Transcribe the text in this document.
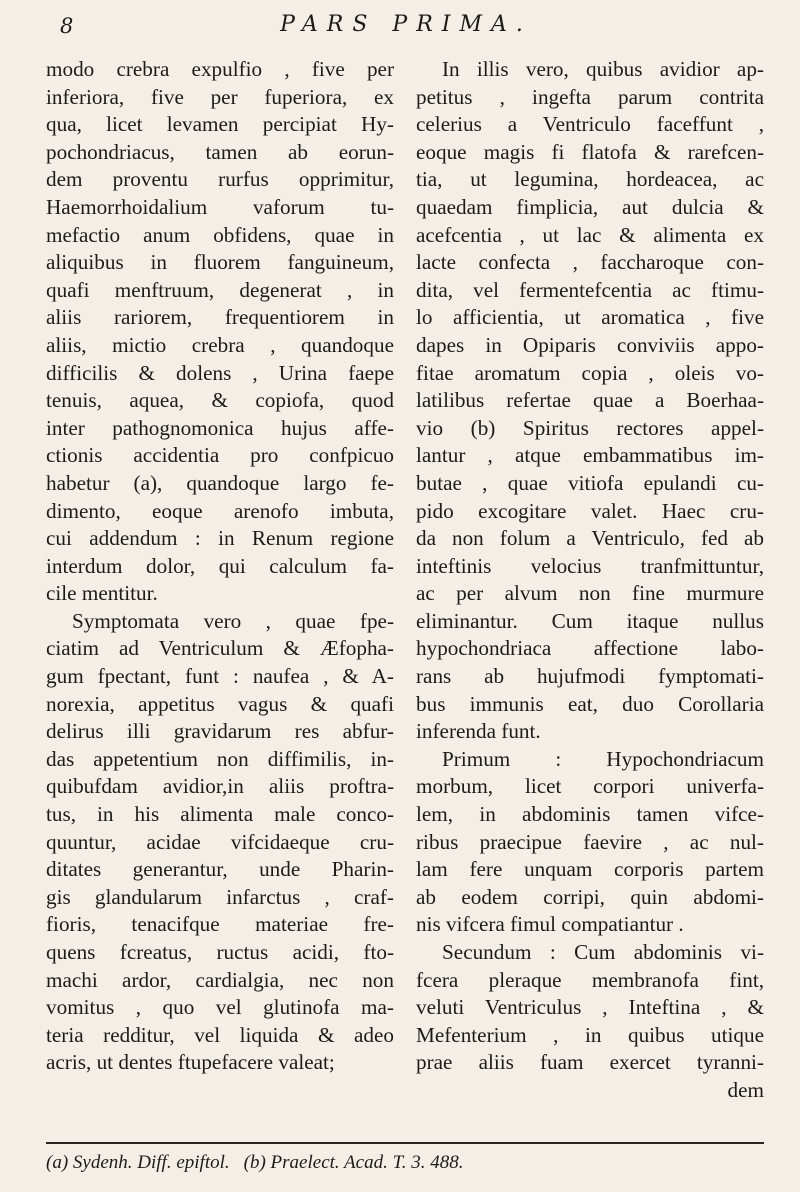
8	PARS PRIMA.
modo crebra expulfio , five per
inferiora, five per fuperiora, ex
qua, licet levamen percipiat Hy-
pochondriacus, tamen ab eorun-
dem proventu rurfus opprimitur,
Haemorrhoidalium vaforum tu-
mefactio anum obfidens, quae in
aliquibus in fluorem fanguineum,
quafi menftruum, degenerat , in
aliis rariorem, frequentiorem in
aliis, mictio crebra , quandoque
difficilis & dolens , Urina faepe
tenuis, aquea, & copiofa, quod
inter pathognomonica hujus affe-
ctionis accidentia pro confpicuo
habetur (a), quandoque largo fe-
dimento, eoque arenofo imbuta,
cui addendum : in Renum regione
interdum dolor, qui calculum fa-
cile mentitur.
Symptomata vero , quae fpe-
ciatim ad Ventriculum & Æfopha-
gum fpectant, funt : naufea , & A-
norexia, appetitus vagus & quafi
delirus illi gravidarum res abfur-
das appetentium non diffimilis, in-
quibufdam avidior,in aliis proftra-
tus, in his alimenta male conco-
quuntur, acidae vifcidaeque cru-
ditates generantur, unde Pharin-
gis glandularum infarctus , craf-
fioris, tenacifque materiae fre-
quens fcreatus, ructus acidi, fto-
machi ardor, cardialgia, nec non
vomitus , quo vel glutinofa ma-
teria redditur, vel liquida & adeo
acris, ut dentes ftupefacere valeat;
In illis vero, quibus avidior ap-
petitus , ingefta parum contrita
celerius a Ventriculo faceffunt ,
eoque magis fi flatofa & rarefcen-
tia, ut legumina, hordeacea, ac
quaedam fimplicia, aut dulcia &
acefcentia , ut lac & alimenta ex
lacte confecta , faccharoque con-
dita, vel fermentefcentia ac ftimu-
lo afficientia, ut aromatica , five
dapes in Opiparis conviviis appo-
fitae aromatum copia , oleis vo-
latilibus refertae quae a Boerhaa-
vio (b) Spiritus rectores appel-
lantur , atque embammatibus im-
butae , quae vitiofa epulandi cu-
pido excogitare valet. Haec cru-
da non folum a Ventriculo, fed ab
inteftinis velocius tranfmittuntur,
ac per alvum non fine murmure
eliminantur. Cum itaque nullus
hypochondriaca affectione labo-
rans ab hujufmodi fymptomati-
bus immunis eat, duo Corollaria
inferenda funt.
Primum : Hypochondriacum
morbum, licet corpori univerfa-
lem, in abdominis tamen vifce-
ribus praecipue faevire , ac nul-
lam fere unquam corporis partem
ab eodem corripi, quin abdomi-
nis vifcera fimul compatiantur .
Secundum : Cum abdominis vi-
fcera pleraque membranofa fint,
veluti Ventriculus , Inteftina , &
Mefenterium , in quibus utique
prae aliis fuam exercet tyranni-
dem
(a) Sydenh. Diff. epiftol. (b) Praelect. Acad. T. 3. 488.
